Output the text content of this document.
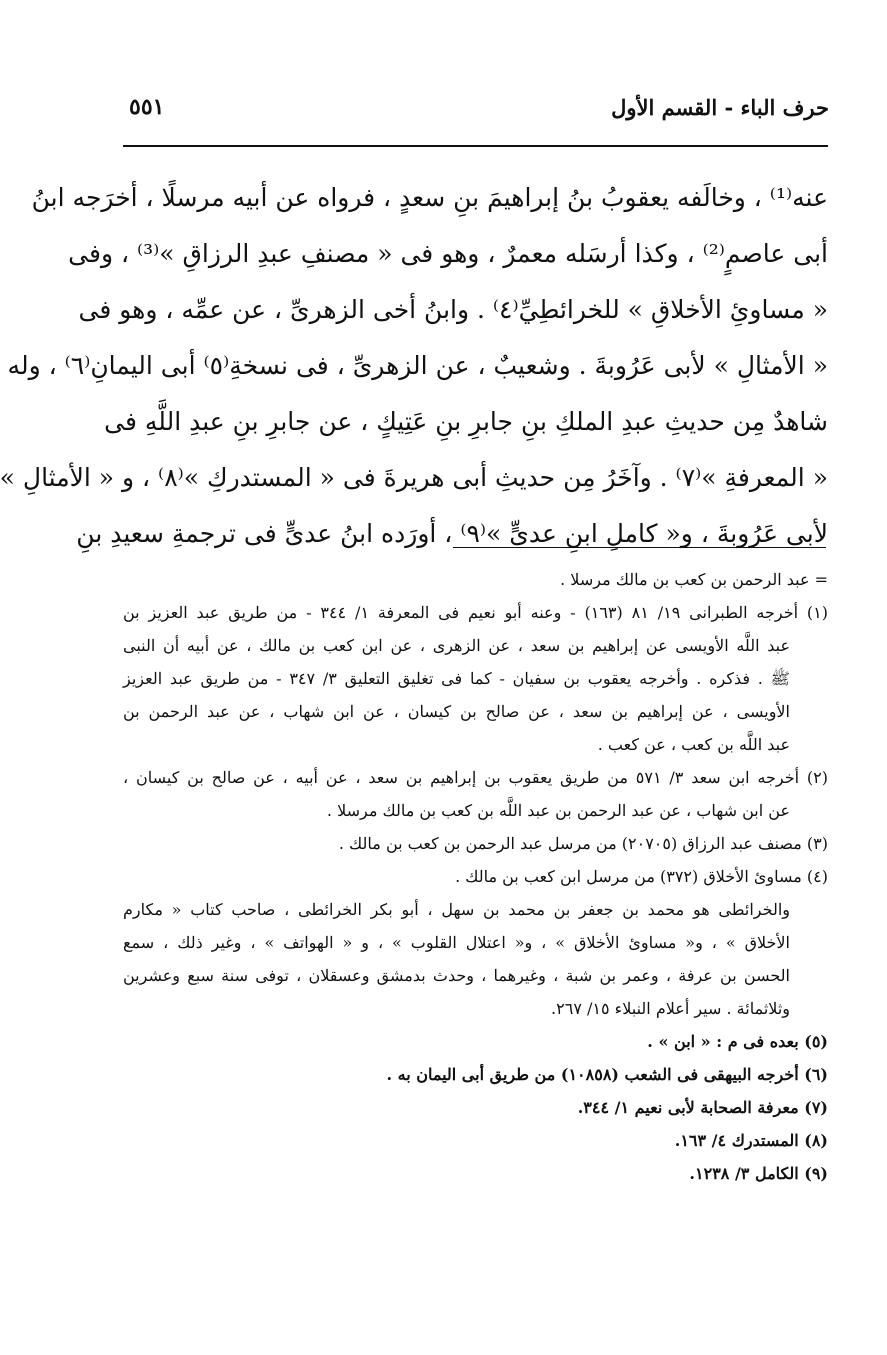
حرف الباء - القسم الأول
٥٥١
عنه⁽¹⁾ ، وخالَفه يعقوبُ بنُ إبراهيمَ بنِ سعدٍ ، فرواه عن أبيه مرسلًا ، أخرَجه ابنُ
أبى عاصمٍ⁽²⁾ ، وكذا أرسَله معمرٌ ، وهو فى « مصنفِ عبدِ الرزاقِ »⁽³⁾ ، وفى
« مساوئِ الأخلاقِ » للخرائطِيِّ⁽٤⁾ . وابنُ أخى الزهرىِّ ، عن عمِّه ، وهو فى
« الأمثالِ » لأبى عَرُوبةَ . وشعيبٌ ، عن الزهرىِّ ، فى نسخةِ⁽٥⁾ أبى اليمانِ⁽٦⁾ ، وله
شاهدٌ مِن حديثِ عبدِ الملكِ بنِ جابرِ بنِ عَتِيكٍ ، عن جابرِ بنِ عبدِ اللَّهِ فى
« المعرفةِ »⁽٧⁾ . وآخَرُ مِن حديثِ أبى هريرةَ فى « المستدركِ »⁽٨⁾ ، و « الأمثالِ »
لأبى عَرُوبةَ ، و« كاملِ ابنِ عدىٍّ »⁽٩⁾ ، أورَده ابنُ عدىٍّ فى ترجمةِ سعيدِ بنِ
= عبد الرحمن بن كعب بن مالك مرسلا .
(١) أخرجه الطبرانى ١٩/ ٨١ (١٦٣) - وعنه أبو نعيم فى المعرفة ١/ ٣٤٤ - من طريق عبد العزيز بن
عبد اللَّه الأويسى عن إبراهيم بن سعد ، عن الزهرى ، عن ابن كعب بن مالك ، عن أبيه أن النبى
ﷺ . فذكره . وأخرجه يعقوب بن سفيان - كما فى تغليق التعليق ٣/ ٣٤٧ - من طريق عبد العزيز
الأويسى ، عن إبراهيم بن سعد ، عن صالح بن كيسان ، عن ابن شهاب ، عن عبد الرحمن بن
عبد اللَّه بن كعب ، عن كعب .
(٢) أخرجه ابن سعد ٣/ ٥٧١ من طريق يعقوب بن إبراهيم بن سعد ، عن أبيه ، عن صالح بن كيسان ،
عن ابن شهاب ، عن عبد الرحمن بن عبد اللَّه بن كعب بن مالك مرسلا .
(٣) مصنف عبد الرزاق (٢٠٧٠٥) من مرسل عبد الرحمن بن كعب بن مالك .
(٤) مساوئ الأخلاق (٣٧٢) من مرسل ابن كعب بن مالك .
والخرائطى هو محمد بن جعفر بن محمد بن سهل ، أبو بكر الخرائطى ، صاحب كتاب « مكارم
الأخلاق » ، و« مساوئ الأخلاق » ، و« اعتلال القلوب » ، و « الهواتف » ، وغير ذلك ، سمع
الحسن بن عرفة ، وعمر بن شبة ، وغيرهما ، وحدث بدمشق وعسقلان ، توفى سنة سبع وعشرين
وثلاثمائة . سير أعلام النبلاء ١٥/ ٢٦٧.
(٥) بعده فى م : « ابن » .
(٦) أخرجه البيهقى فى الشعب (١٠٨٥٨) من طريق أبى اليمان به .
(٧) معرفة الصحابة لأبى نعيم ١/ ٣٤٤.
(٨) المستدرك ٤/ ١٦٣.
(٩) الكامل ٣/ ١٢٣٨.
